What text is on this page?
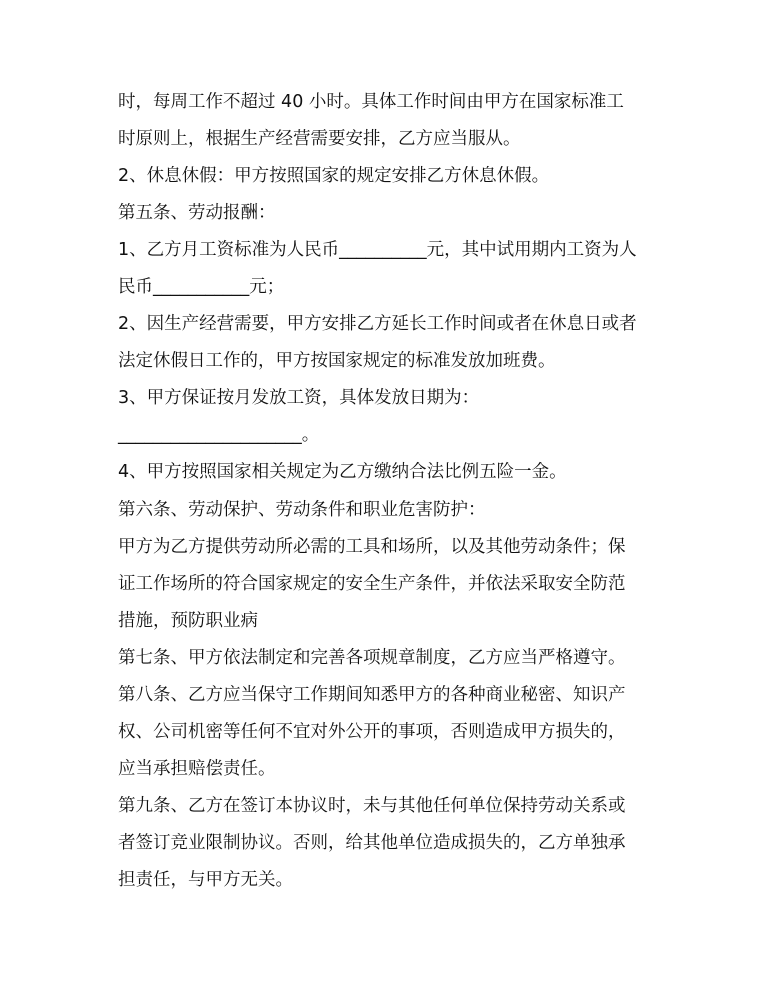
时，每周工作不超过 40 小时。具体工作时间由甲方在国家标准工

时原则上，根据生产经营需要安排，乙方应当服从。

2、休息休假：甲方按照国家的规定安排乙方休息休假。

第五条、劳动报酬：

1、乙方月工资标准为人民币__________元，其中试用期内工资为人

民币___________元；

2、因生产经营需要，甲方安排乙方延长工作时间或者在休息日或者

法定休假日工作的，甲方按国家规定的标准发放加班费。

3、甲方保证按月发放工资，具体发放日期为：

_____________________。

4、甲方按照国家相关规定为乙方缴纳合法比例五险一金。

第六条、劳动保护、劳动条件和职业危害防护：

甲方为乙方提供劳动所必需的工具和场所，以及其他劳动条件；保

证工作场所的符合国家规定的安全生产条件，并依法采取安全防范

措施，预防职业病

第七条、甲方依法制定和完善各项规章制度，乙方应当严格遵守。

第八条、乙方应当保守工作期间知悉甲方的各种商业秘密、知识产

权、公司机密等任何不宜对外公开的事项，否则造成甲方损失的，

应当承担赔偿责任。

第九条、乙方在签订本协议时，未与其他任何单位保持劳动关系或

者签订竞业限制协议。否则，给其他单位造成损失的，乙方单独承

担责任，与甲方无关。
